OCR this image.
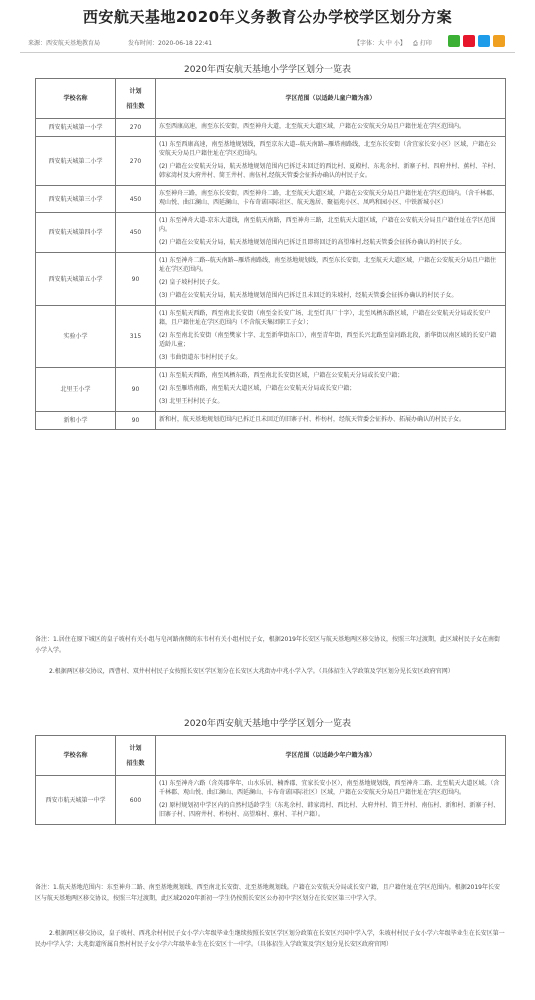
西安航天基地2020年义务教育公办学校学区划分方案
来源：西安航天基地教育局	发布时间：2020-06-18 22:41	【字体：大 中 小】 ⎙ 打印
2020年西安航天基地小学学区划分一览表
学校名称	计划
招生数	学区范围（以适龄儿童户籍为准）
西安航天城第一小学	270	东至西康高速，南至东长安街，西至神舟大道，北至航天大道区域，户籍在公安航天分局且户籍住址在学区范围内。

西安航天城第二小学	270	(1) 东至西康高速，南至基地规划线，西至京东大道--航天南路--雁塔南路线，北至东长安街（含宜家长安小区）区域，户籍在公安航天分局且户籍住址在学区范围内。
(2) 户籍在公安航天分局，航天基地规划范围内已拆迁未回迁的西比村、夏殿村、东兆余村、新寨子村、四府井村、蕉村、羊村、韩家湾村及大府井村、简王井村、南伍村,经航天管委会征拆办确认的村民子女。

西安航天城第三小学	450	东至神舟三路，南至东长安街，西至神舟二路，北至航天大道区域，户籍在公安航天分局且户籍住址在学区范围内。（含千林郡、观山悦、曲江澜山、西延澜山、卡布奇诺国际社区、航天逸居、聚福苑小区、凤鸣和园小区、中铁新城小区）

西安航天城第四小学	450	(1) 东至神舟大道-京东大道线，南至航天南路，西至神舟三路，北至航天大道区域，户籍在公安航天分局且户籍住址在学区范围内。
(2) 户籍在公安航天分局，航天基地规划范围内已拆迁且即将回迁的高望堆村,经航天管委会征拆办确认的村民子女。

西安航天城第五小学	90	(1) 东至神舟二路--航天南路--雁塔南路线，南至基地规划线，西至东长安街，北至航天大道区域，户籍在公安航天分局且户籍住址在学区范围内。
(2) 皇子坡村村民子女。
(3) 户籍在公安航天分局，航天基地规划范围内已拆迁且未回迁的朱坡村，经航天管委会征拆办确认的村民子女。

实验小学	315	(1) 东至航天西路，西至南北长安街（南至金长安广场、北至灯具厂十字），北至凤栖东路区域，户籍在公安航天分局或长安户籍，且户籍住址在学区范围内（不含航天集团职工子女）；
(2) 东至南北长安街（南至樊家十字、北至新华街东口），南至青年街，西至长兴北路至皇河路北段，新华街以南区域的长安户籍适龄儿童；
(3) 韦曲街道东韦村村民子女。

北里王小学	90	(1) 东至航天西路，南至凤栖东路，西至南北长安街区域，户籍在公安航天分局或长安户籍；
(2) 东至雁塔南路，南至航天大道区域，户籍在公安航天分局或长安户籍；
(3) 北里王村村民子女。

新和小学	90	新和村，航天基地规划范围内已拆迁且未回迁的旧寨子村、柞枋村，经航天管委会征拆办、拓展办确认的村民子女。
备注：1.居住在原下城区的皇子坡村有关小组与皂河路南侧的东韦村有关小组村民子女，根据2019年长安区与航天基地两区移交协议，按照三年过渡期，此区域村民子女在南街小学入学。
2.根据两区移交协议，西曹村、双井村村民子女按照长安区学区划分在长安区大兆街办中兆小学入学。（具体招生入学政策及学区划分见长安区政府官网）
2020年西安航天基地中学学区划分一览表
学校名称	计划
招生数	学区范围（以适龄少年户籍为准）
西安市航天城第一中学	600	(1) 东至神舟六路（含英郡华年、山水乐居、楠香郡、宜家长安小区），南至基地规划线，西至神舟二路、北至航天大道区域。（含千林郡、观山悦、曲江澜山、西延澜山、卡布奇诺国际社区）区域，户籍在公安航天分局且户籍住址在学区范围内。
(2) 原村规划初中学区内的自然村适龄学生（东兆余村、韩家湾村、西比村、大府井村、简王井村、南伍村、新和村、新寨子村、旧寨子村、四府井村、柞枋村、高望堆村、蕉村、羊村户籍）。
备注：1.航天基地范围内：东至神舟二路、南至基地规划线、西至南北长安街、北至基地规划线。户籍在公安航天分局或长安户籍，且户籍住址在学区范围内。根据2019年长安区与航天基地两区移交协议，按照三年过渡期，此区域2020年新初一学生仍按照长安区公办初中学区划分在长安区第三中学入学。
2.根据两区移交协议，皇子坡村、西兆余村村民子女小学六年级毕业生继续按照长安区学区划分政策在长安区兴国中学入学，朱坡村村民子女小学六年级毕业生在长安区第一民办中学入学；大兆街道所属自然村村民子女小学六年级毕业生在长安区十一中学。（具体招生入学政策及学区划分见长安区政府官网）
